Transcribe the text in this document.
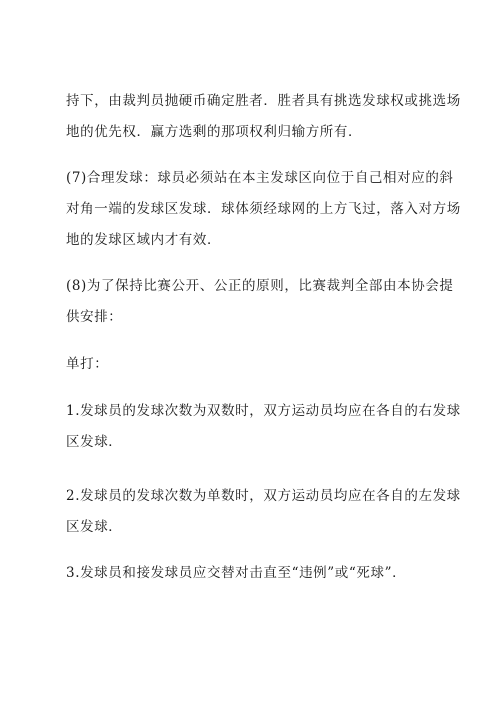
持下，由裁判员抛硬币确定胜者．胜者具有挑选发球权或挑选场
地的优先权．赢方选剩的那项权利归输方所有．

(7)合理发球：球员必须站在本主发球区向位于自己相对应的斜
对角一端的发球区发球．球体须经球网的上方飞过，落入对方场
地的发球区域内才有效．

(8)为了保持比赛公开、公正的原则，比赛裁判全部由本协会提
供安排：

单打：

1.发球员的发球次数为双数时，双方运动员均应在各自的右发球
区发球．

2.发球员的发球次数为单数时，双方运动员均应在各自的左发球
区发球．

3.发球员和接发球员应交替对击直至“违例”或“死球”．
